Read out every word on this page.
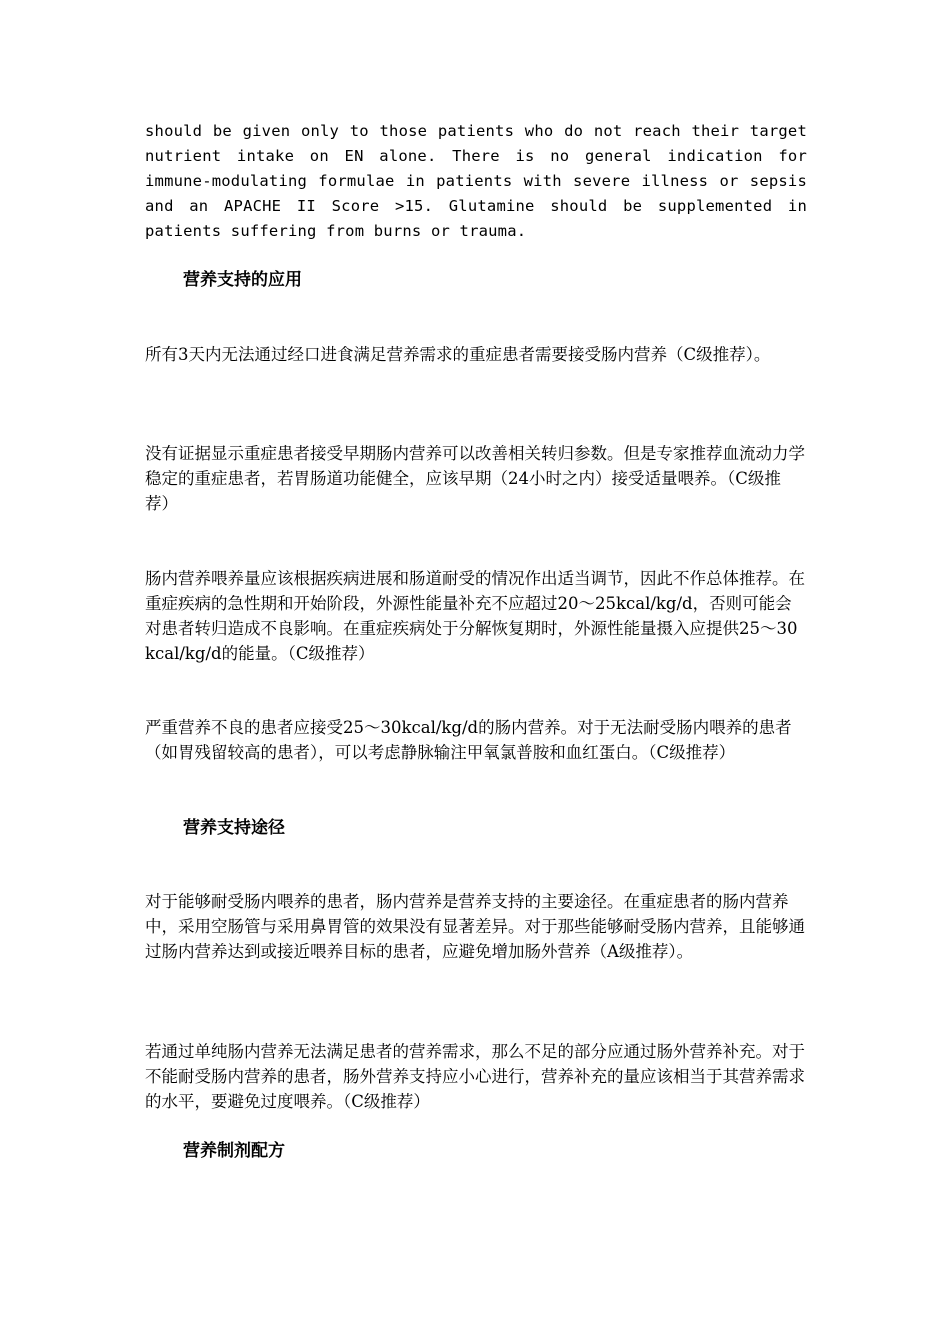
should be given only to those patients who do not reach their target nutrient intake on EN alone. There is no general indication for immune-modulating formulae in patients with severe illness or sepsis and an APACHE II Score >15. Glutamine should be supplemented in patients suffering from burns or trauma.

营养支持的应用

所有3天内无法通过经口进食满足营养需求的重症患者需要接受肠内营养（C级推荐）。

没有证据显示重症患者接受早期肠内营养可以改善相关转归参数。但是专家推荐血流动力学稳定的重症患者，若胃肠道功能健全，应该早期（24小时之内）接受适量喂养。（C级推荐）

肠内营养喂养量应该根据疾病进展和肠道耐受的情况作出适当调节，因此不作总体推荐。在重症疾病的急性期和开始阶段，外源性能量补充不应超过20～25kcal/kg/d，否则可能会对患者转归造成不良影响。在重症疾病处于分解恢复期时，外源性能量摄入应提供25～30kcal/kg/d的能量。（C级推荐）

严重营养不良的患者应接受25～30kcal/kg/d的肠内营养。对于无法耐受肠内喂养的患者（如胃残留较高的患者），可以考虑静脉输注甲氧氯普胺和血红蛋白。（C级推荐）

营养支持途径

对于能够耐受肠内喂养的患者，肠内营养是营养支持的主要途径。在重症患者的肠内营养中，采用空肠管与采用鼻胃管的效果没有显著差异。对于那些能够耐受肠内营养，且能够通过肠内营养达到或接近喂养目标的患者，应避免增加肠外营养（A级推荐）。

若通过单纯肠内营养无法满足患者的营养需求，那么不足的部分应通过肠外营养补充。对于不能耐受肠内营养的患者，肠外营养支持应小心进行，营养补充的量应该相当于其营养需求的水平，要避免过度喂养。（C级推荐）

营养制剂配方
